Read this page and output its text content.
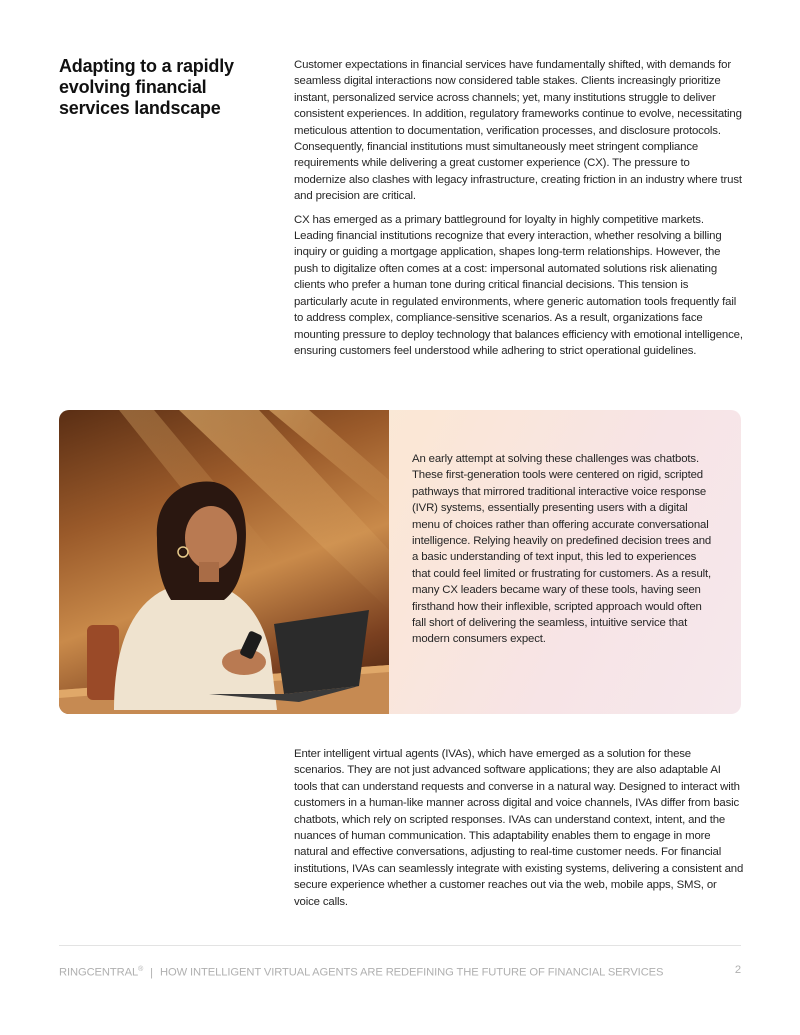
Adapting to a rapidly evolving financial services landscape

Customer expectations in financial services have fundamentally shifted, with demands for seamless digital interactions now considered table stakes. Clients increasingly prioritize instant, personalized service across channels; yet, many institutions struggle to deliver consistent experiences. In addition, regulatory frameworks continue to evolve, necessitating meticulous attention to documentation, verification processes, and disclosure protocols. Consequently, financial institutions must simultaneously meet stringent compliance requirements while delivering a great customer experience (CX). The pressure to modernize also clashes with legacy infrastructure, creating friction in an industry where trust and precision are critical.

CX has emerged as a primary battleground for loyalty in highly competitive markets. Leading financial institutions recognize that every interaction, whether resolving a billing inquiry or guiding a mortgage application, shapes long-term relationships. However, the push to digitalize often comes at a cost: impersonal automated solutions risk alienating clients who prefer a human tone during critical financial decisions. This tension is particularly acute in regulated environments, where generic automation tools frequently fail to address complex, compliance-sensitive scenarios. As a result, organizations face mounting pressure to deploy technology that balances efficiency with emotional intelligence, ensuring customers feel understood while adhering to strict operational guidelines.

An early attempt at solving these challenges was chatbots. These first-generation tools were centered on rigid, scripted pathways that mirrored traditional interactive voice response (IVR) systems, essentially presenting users with a digital menu of choices rather than offering accurate conversational intelligence. Relying heavily on predefined decision trees and a basic understanding of text input, this led to experiences that could feel limited or frustrating for customers. As a result, many CX leaders became wary of these tools, having seen firsthand how their inflexible, scripted approach would often fall short of delivering the seamless, intuitive service that modern consumers expect.

Enter intelligent virtual agents (IVAs), which have emerged as a solution for these scenarios. They are not just advanced software applications; they are also adaptable AI tools that can understand requests and converse in a natural way. Designed to interact with customers in a human-like manner across digital and voice channels, IVAs differ from basic chatbots, which rely on scripted responses. IVAs can understand context, intent, and the nuances of human communication. This adaptability enables them to engage in more natural and effective conversations, adjusting to real-time customer needs. For financial institutions, IVAs can seamlessly integrate with existing systems, delivering a consistent and secure experience whether a customer reaches out via the web, mobile apps, SMS, or voice calls.

RINGCENTRAL® | HOW INTELLIGENT VIRTUAL AGENTS ARE REDEFINING THE FUTURE OF FINANCIAL SERVICES	2
